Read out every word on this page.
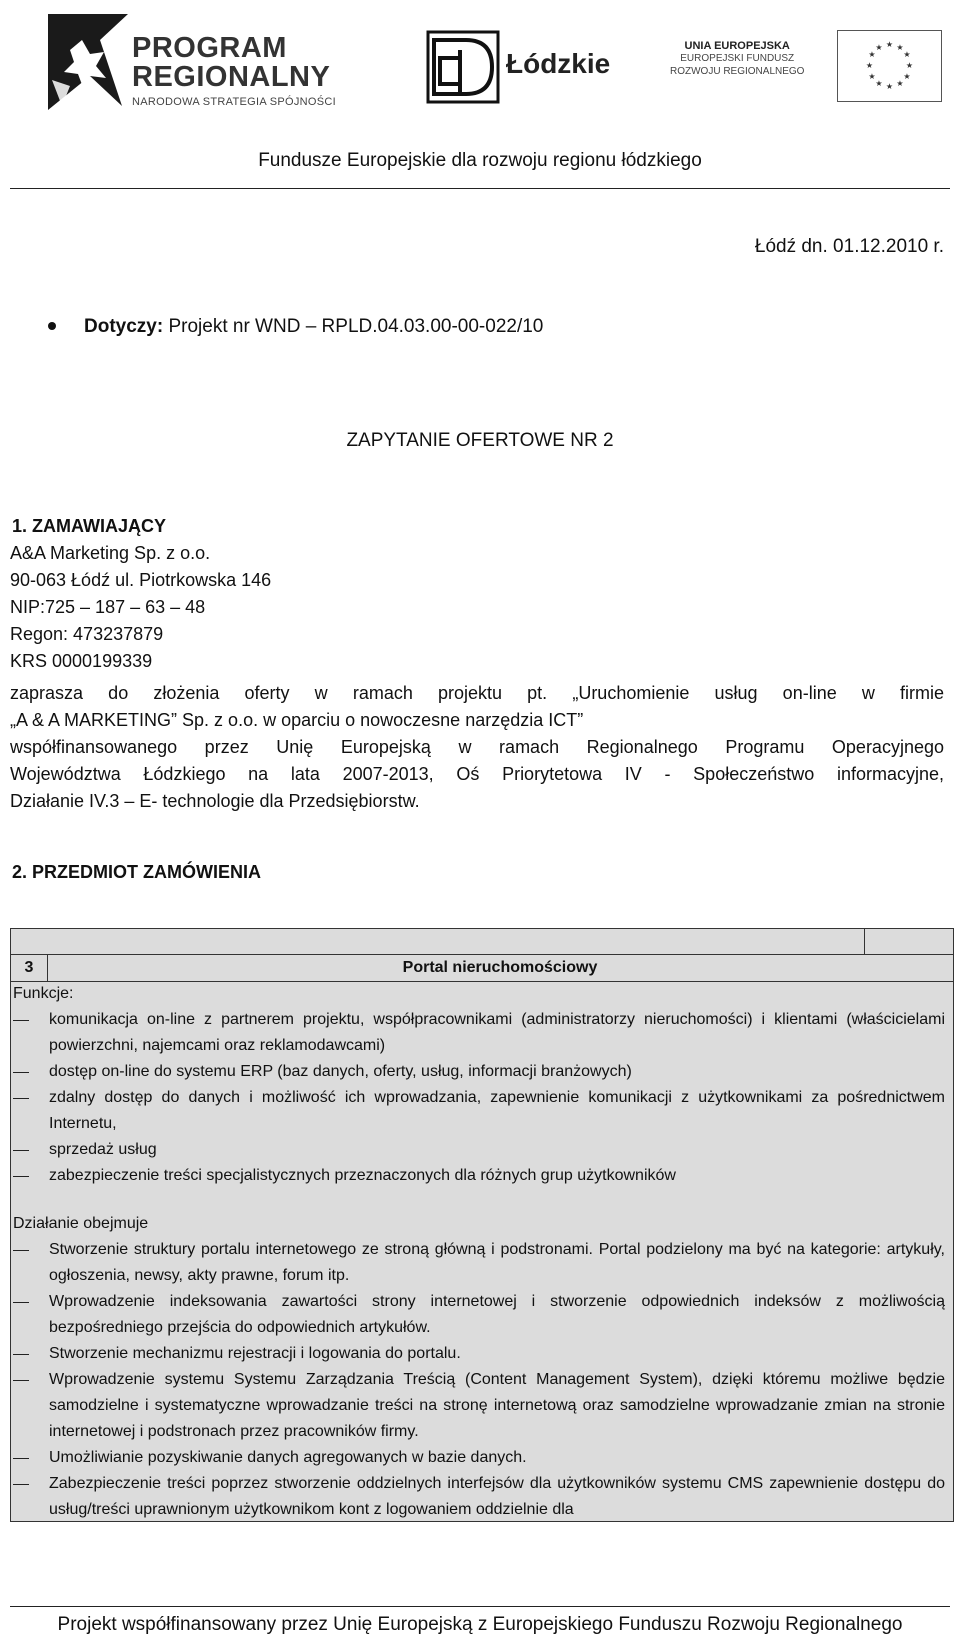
PROGRAM
REGIONALNY
NARODOWA STRATEGIA SPÓJNOŚCI
Łódzkie
UNIA EUROPEJSKA
EUROPEJSKI FUNDUSZ
ROZWOJU REGIONALNEGO
★ ★
★
★
★
★
★
★
★
★
★
★
Fundusze Europejskie dla rozwoju regionu łódzkiego
Łódź dn. 01.12.2010 r.
Dotyczy: Projekt nr WND – RPLD.04.03.00-00-022/10
ZAPYTANIE OFERTOWE NR 2
1. ZAMAWIAJĄCY
A&A Marketing Sp. z o.o.
90-063 Łódź ul. Piotrkowska 146
NIP:725 – 187 – 63 – 48
Regon: 473237879
KRS 0000199339
zaprasza do złożenia oferty w ramach projektu pt. „Uruchomienie usług on-line w firmie
„A & A MARKETING” Sp. z o.o. w oparciu o nowoczesne narzędzia ICT”
współfinansowanego przez Unię Europejską w ramach Regionalnego Programu Operacyjnego
Województwa Łódzkiego na lata 2007-2013, Oś Priorytetowa IV - Społeczeństwo informacyjne,
Działanie IV.3 – E- technologie dla Przedsiębiorstw.
2. PRZEDMIOT ZAMÓWIENIA
3	Portal nieruchomościowy
Funkcje:
komunikacja on-line z partnerem projektu, współpracownikami (administratorzy nieruchomości) i klientami (właścicielami powierzchni, najemcami oraz reklamodawcami)
dostęp on-line do systemu ERP (baz danych, oferty, usług, informacji branżowych)
zdalny dostęp do danych i możliwość ich wprowadzania, zapewnienie komunikacji z użytkownikami za pośrednictwem Internetu,
sprzedaż usług
zabezpieczenie treści specjalistycznych przeznaczonych dla różnych grup użytkowników
Działanie obejmuje
Stworzenie struktury portalu internetowego ze stroną główną i podstronami. Portal podzielony ma być na kategorie: artykuły, ogłoszenia, newsy, akty prawne, forum itp.
Wprowadzenie indeksowania zawartości strony internetowej i stworzenie odpowiednich indeksów z możliwością bezpośredniego przejścia do odpowiednich artykułów.
Stworzenie mechanizmu rejestracji i logowania do portalu.
Wprowadzenie systemu Systemu Zarządzania Treścią (Content Management System), dzięki któremu możliwe będzie samodzielne i systematyczne wprowadzanie treści na stronę internetową oraz samodzielne wprowadzanie zmian na stronie internetowej i podstronach przez pracowników firmy.
Umożliwianie pozyskiwanie danych agregowanych w bazie danych.
Zabezpieczenie treści poprzez stworzenie oddzielnych interfejsów dla użytkowników systemu CMS zapewnienie dostępu do usług/treści uprawnionym użytkownikom kont z logowaniem oddzielnie dla
Projekt współfinansowany przez Unię Europejską z Europejskiego Funduszu Rozwoju Regionalnego
